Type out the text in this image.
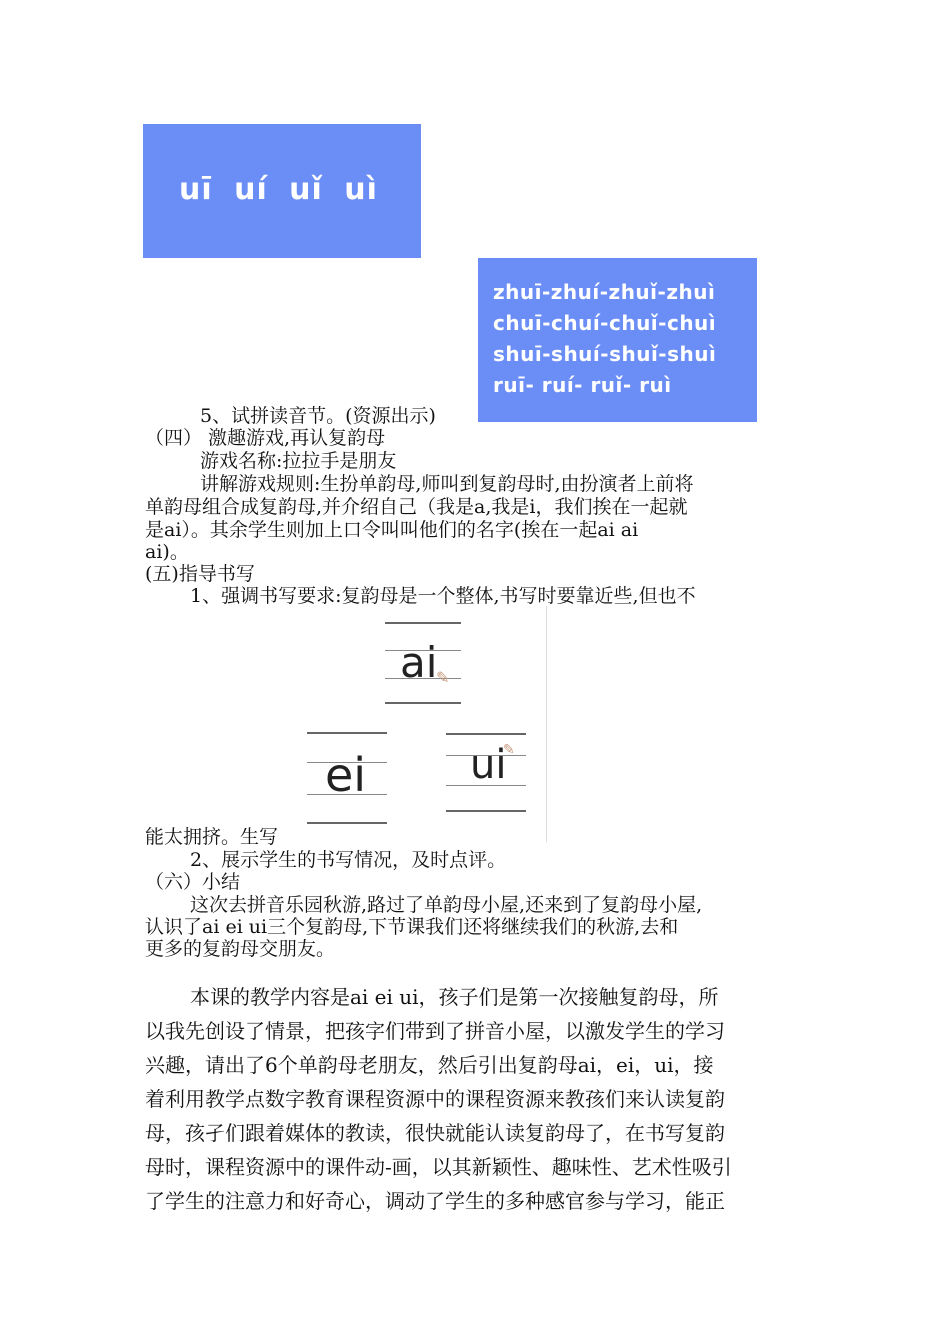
uī uí uǐ uì
zhuī-zhuí-zhuǐ-zhuì
chuī-chuí-chuǐ-chuì
shuī-shuí-shuǐ-shuì
ruī- ruí- ruǐ- ruì
5、试拼读音节。(资源出示)
（四） 激趣游戏,再认复韵母
游戏名称:拉拉手是朋友
讲解游戏规则:生扮单韵母,师叫到复韵母时,由扮演者上前将
单韵母组合成复韵母,并介绍自己（我是a,我是i，我们挨在一起就
是ai）。其余学生则加上口令叫叫他们的名字(挨在一起ai ai
ai)。
(五)指导书写
1、强调书写要求:复韵母是一个整体,书写时要靠近些,但也不
ai
✎
ei	ui
✎
能太拥挤。生写
2、展示学生的书写情况，及时点评。
（六）小结
这次去拼音乐园秋游,路过了单韵母小屋,还来到了复韵母小屋,
认识了ai ei ui三个复韵母,下节课我们还将继续我们的秋游,去和
更多的复韵母交朋友。
本课的教学内容是ai ei ui，孩子们是第一次接触复韵母，所
以我先创设了情景，把孩字们带到了拼音小屋，以激发学生的学习
兴趣，请出了6个单韵母老朋友，然后引出复韵母ai，ei，ui，接
着利用教学点数字教育课程资源中的课程资源来教孩们来认读复韵
母，孩孑们跟着媒体的教读，很快就能认读复韵母了，在书写复韵
母时，课程资源中的课件动-画，以其新颖性、趣味性、艺术性吸引
了学生的注意力和好奇心，调动了学生的多种感官参与学习，能正
